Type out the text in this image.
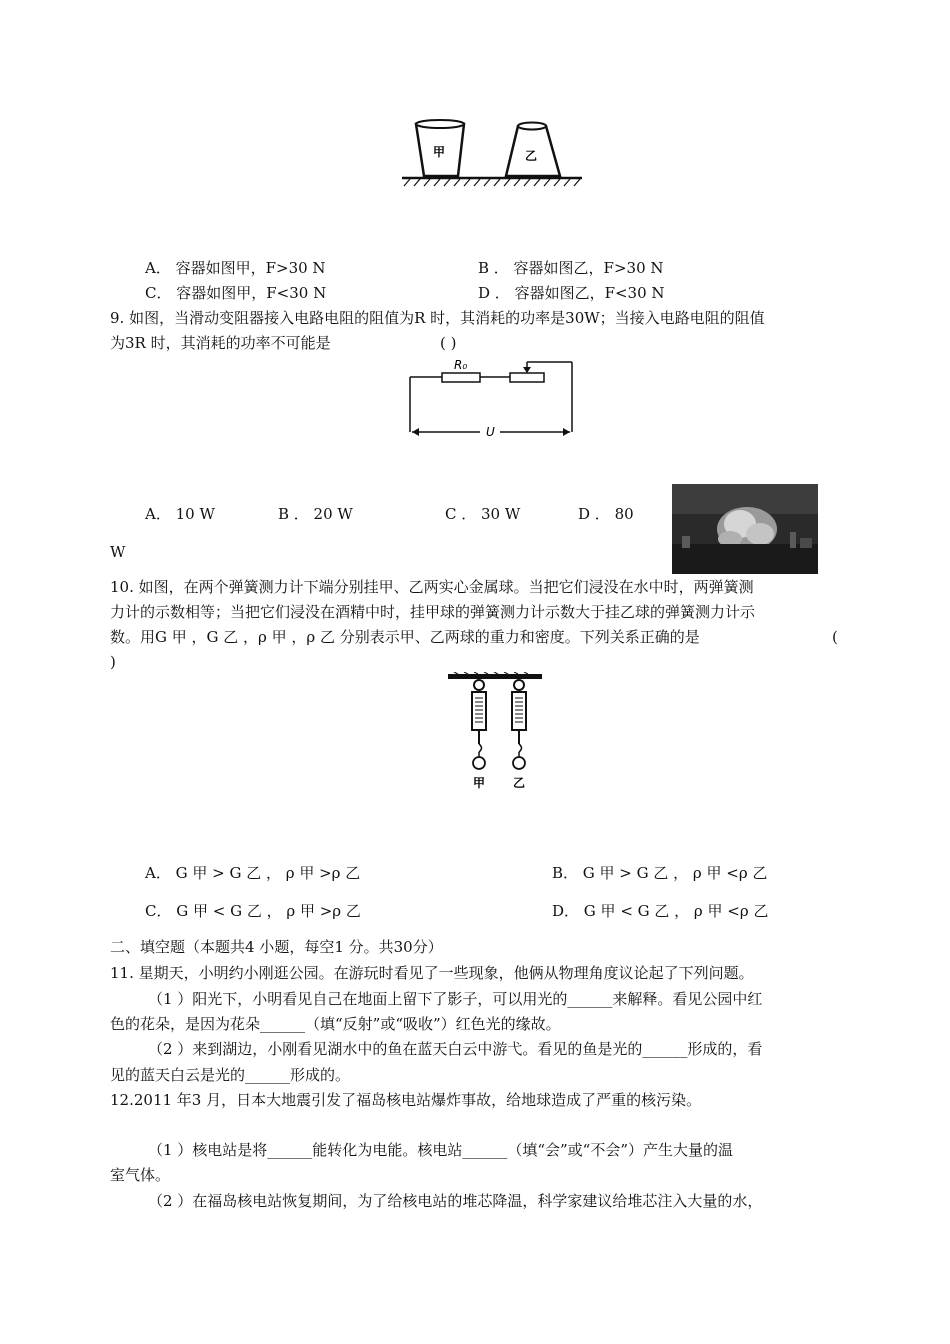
甲	乙
A． 容器如图甲，F>30 N	B ． 容器如图乙，F>30 N
C． 容器如图甲，F<30 N	D ． 容器如图乙，F<30 N
9. 如图，当滑动变阻器接入电路电阻的阻值为R 时，其消耗的功率是30W；当接入电路电阻的阻值
为3R 时，其消耗的功率不可能是	( )
R₀
U
A． 10 W	B ． 20 W	C ． 30 W	D ． 80
W
10. 如图，在两个弹簧测力计下端分别挂甲、乙两实心金属球。当把它们浸没在水中时，两弹簧测
力计的示数相等；当把它们浸没在酒精中时，挂甲球的弹簧测力计示数大于挂乙球的弹簧测力计示
数。用G 甲 ，G 乙 ，ρ 甲 ，ρ 乙 分别表示甲、乙两球的重力和密度。下列关系正确的是	(
)
甲 乙
A． G 甲 > G 乙 ， ρ 甲 >ρ 乙	B． G 甲 > G 乙 ， ρ 甲 <ρ 乙
C． G 甲 < G 乙 ， ρ 甲 >ρ 乙	D． G 甲 < G 乙 ， ρ 甲 <ρ 乙
二、填空题（本题共4 小题，每空1 分。共30分）
11. 星期天，小明约小刚逛公园。在游玩时看见了一些现象，他俩从物理角度议论起了下列问题。
（1 ）阳光下，小明看见自己在地面上留下了影子，可以用光的______来解释。看见公园中红
色的花朵，是因为花朵______（填“反射”或“吸收”）红色光的缘故。
（2 ）来到湖边，小刚看见湖水中的鱼在蓝天白云中游弋。看见的鱼是光的______形成的，看
见的蓝天白云是光的______形成的。
12.2011 年3 月，日本大地震引发了福岛核电站爆炸事故，给地球造成了严重的核污染。
（1 ）核电站是将______能转化为电能。核电站______（填“会”或“不会”）产生大量的温
室气体。
（2 ）在福岛核电站恢复期间，为了给核电站的堆芯降温，科学家建议给堆芯注入大量的水，
